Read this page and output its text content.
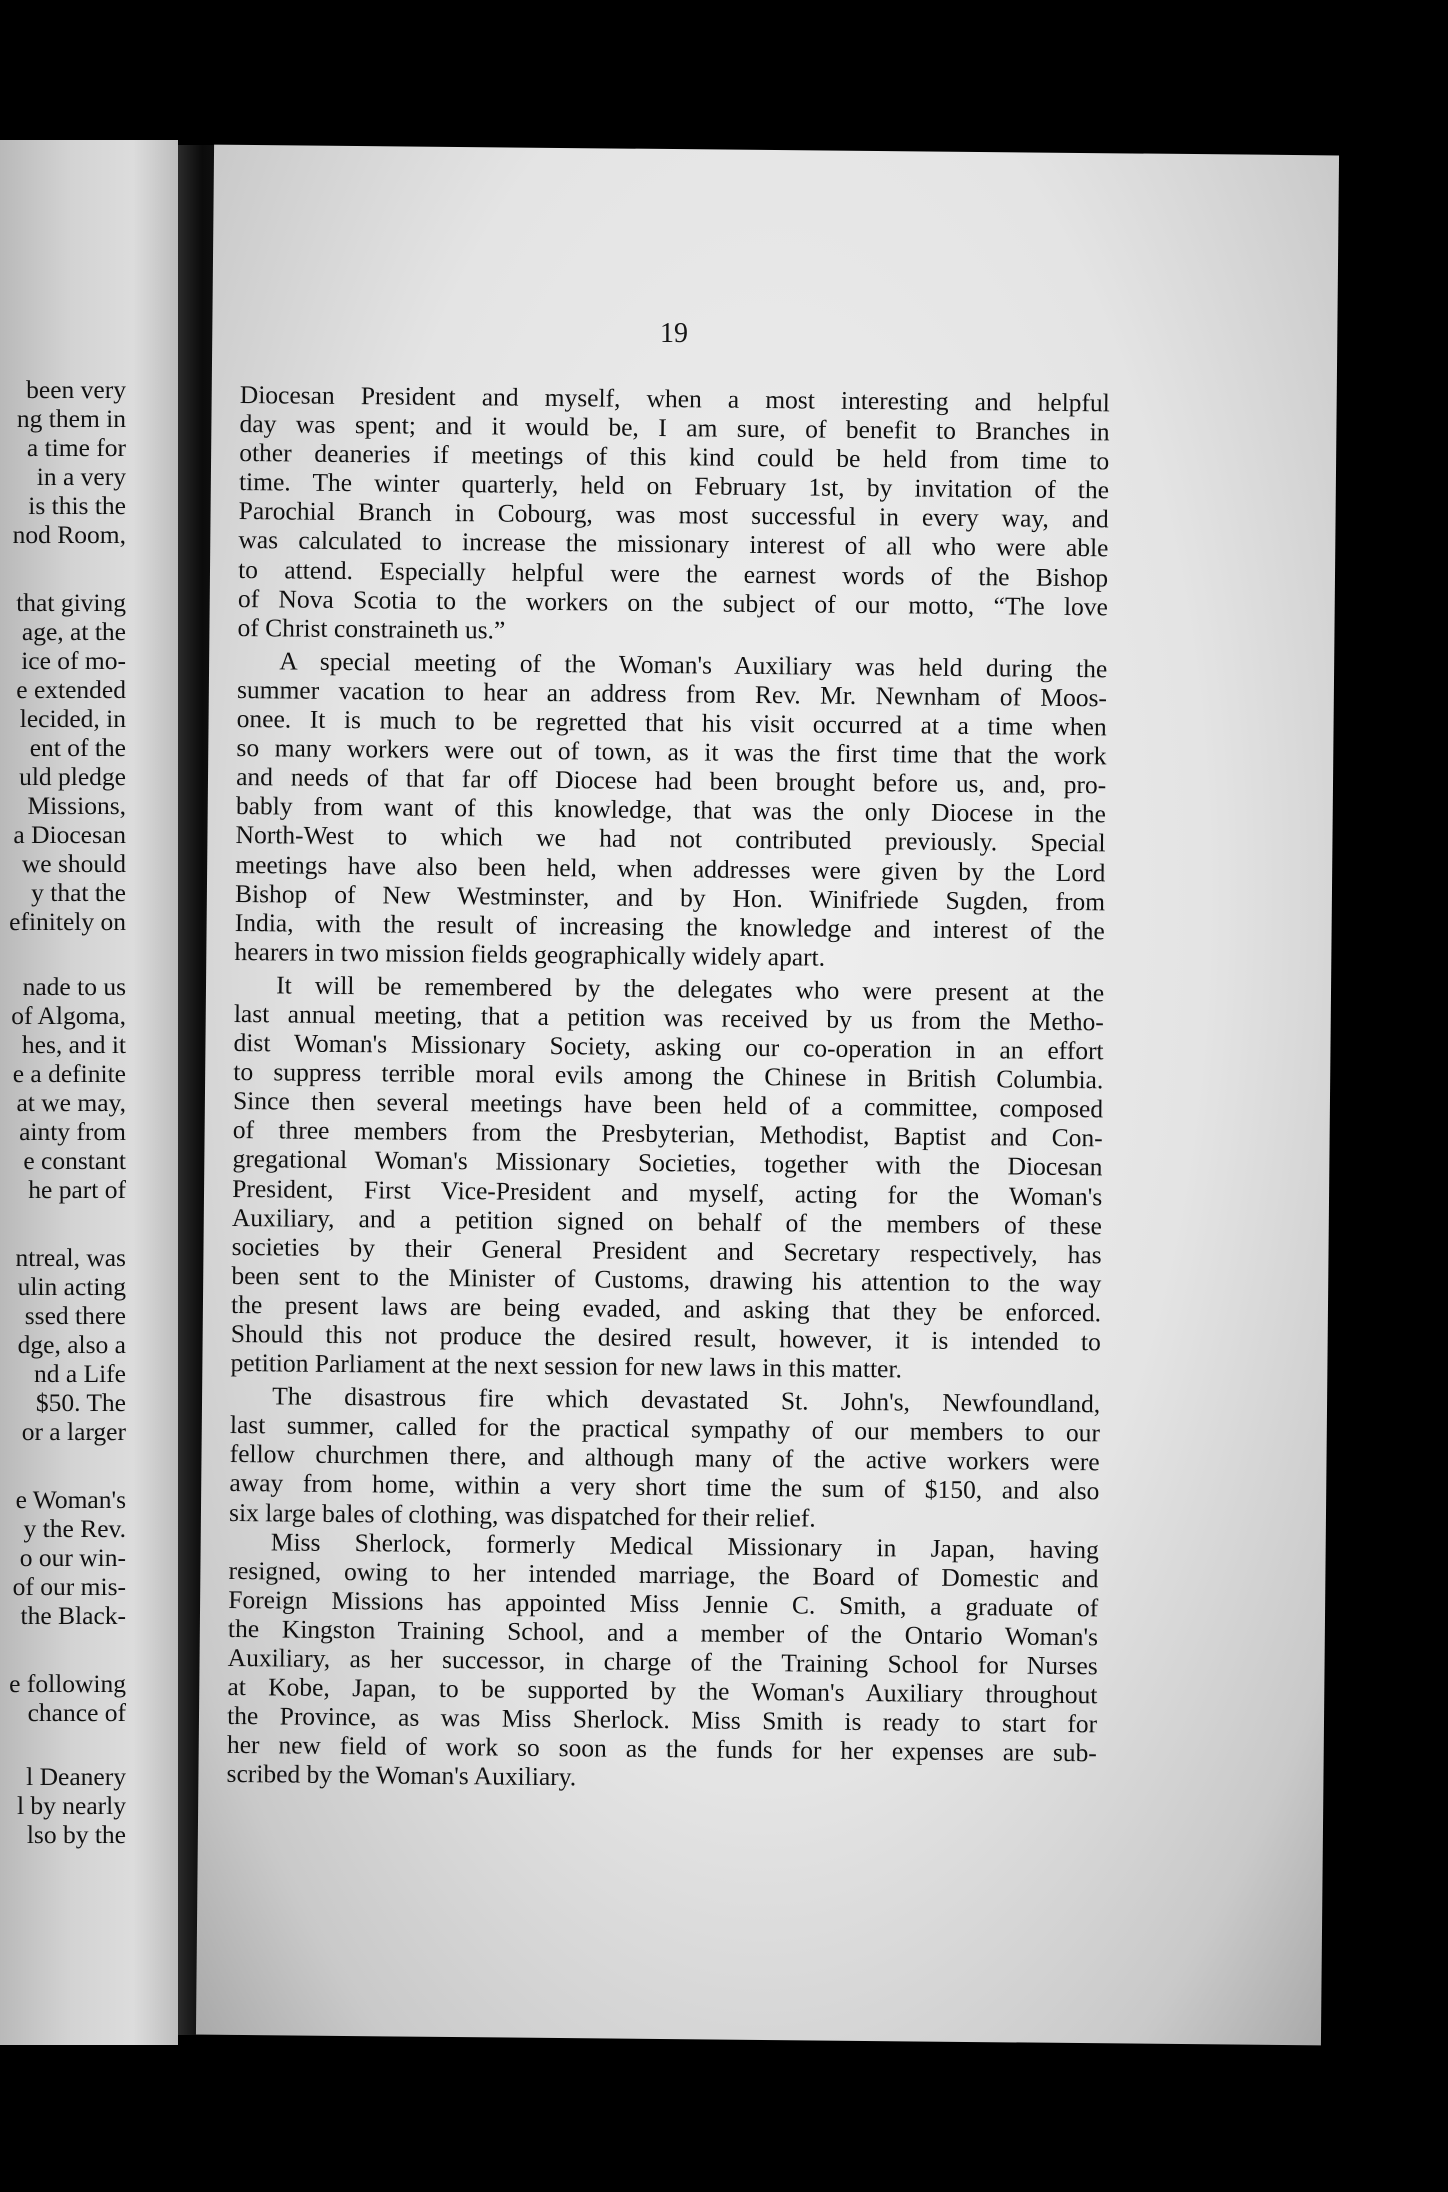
been very
ng them in
a time for
in a very
is this the
nod Room,
that giving
age, at the
ice of mo-
e extended
lecided, in
ent of the
uld pledge
Missions,
a Diocesan
we should
y that the
efinitely on
nade to us
of Algoma,
hes, and it
e a definite
at we may,
ainty from
e constant
he part of
ntreal, was
ulin acting
ssed there
dge, also a
nd a Life
$50. The
or a larger
e Woman's
y the Rev.
o our win-
of our mis-
the Black-
e following
chance of
l Deanery
l by nearly
lso by the
19
Diocesan President and myself, when a most interesting and helpful
day was spent; and it would be, I am sure, of benefit to Branches in
other deaneries if meetings of this kind could be held from time to
time. The winter quarterly, held on February 1st, by invitation of the
Parochial Branch in Cobourg, was most successful in every way, and
was calculated to increase the missionary interest of all who were able
to attend. Especially helpful were the earnest words of the Bishop
of Nova Scotia to the workers on the subject of our motto, “The love
of Christ constraineth us.”
A special meeting of the Woman's Auxiliary was held during the
summer vacation to hear an address from Rev. Mr. Newnham of Moos-
onee. It is much to be regretted that his visit occurred at a time when
so many workers were out of town, as it was the first time that the work
and needs of that far off Diocese had been brought before us, and, pro-
bably from want of this knowledge, that was the only Diocese in the
North-West to which we had not contributed previously. Special
meetings have also been held, when addresses were given by the Lord
Bishop of New Westminster, and by Hon. Winifriede Sugden, from
India, with the result of increasing the knowledge and interest of the
hearers in two mission fields geographically widely apart.
It will be remembered by the delegates who were present at the
last annual meeting, that a petition was received by us from the Metho-
dist Woman's Missionary Society, asking our co-operation in an effort
to suppress terrible moral evils among the Chinese in British Columbia.
Since then several meetings have been held of a committee, composed
of three members from the Presbyterian, Methodist, Baptist and Con-
gregational Woman's Missionary Societies, together with the Diocesan
President, First Vice-President and myself, acting for the Woman's
Auxiliary, and a petition signed on behalf of the members of these
societies by their General President and Secretary respectively, has
been sent to the Minister of Customs, drawing his attention to the way
the present laws are being evaded, and asking that they be enforced.
Should this not produce the desired result, however, it is intended to
petition Parliament at the next session for new laws in this matter.
The disastrous fire which devastated St. John's, Newfoundland,
last summer, called for the practical sympathy of our members to our
fellow churchmen there, and although many of the active workers were
away from home, within a very short time the sum of $150, and also
six large bales of clothing, was dispatched for their relief.
Miss Sherlock, formerly Medical Missionary in Japan, having
resigned, owing to her intended marriage, the Board of Domestic and
Foreign Missions has appointed Miss Jennie C. Smith, a graduate of
the Kingston Training School, and a member of the Ontario Woman's
Auxiliary, as her successor, in charge of the Training School for Nurses
at Kobe, Japan, to be supported by the Woman's Auxiliary throughout
the Province, as was Miss Sherlock. Miss Smith is ready to start for
her new field of work so soon as the funds for her expenses are sub-
scribed by the Woman's Auxiliary.
